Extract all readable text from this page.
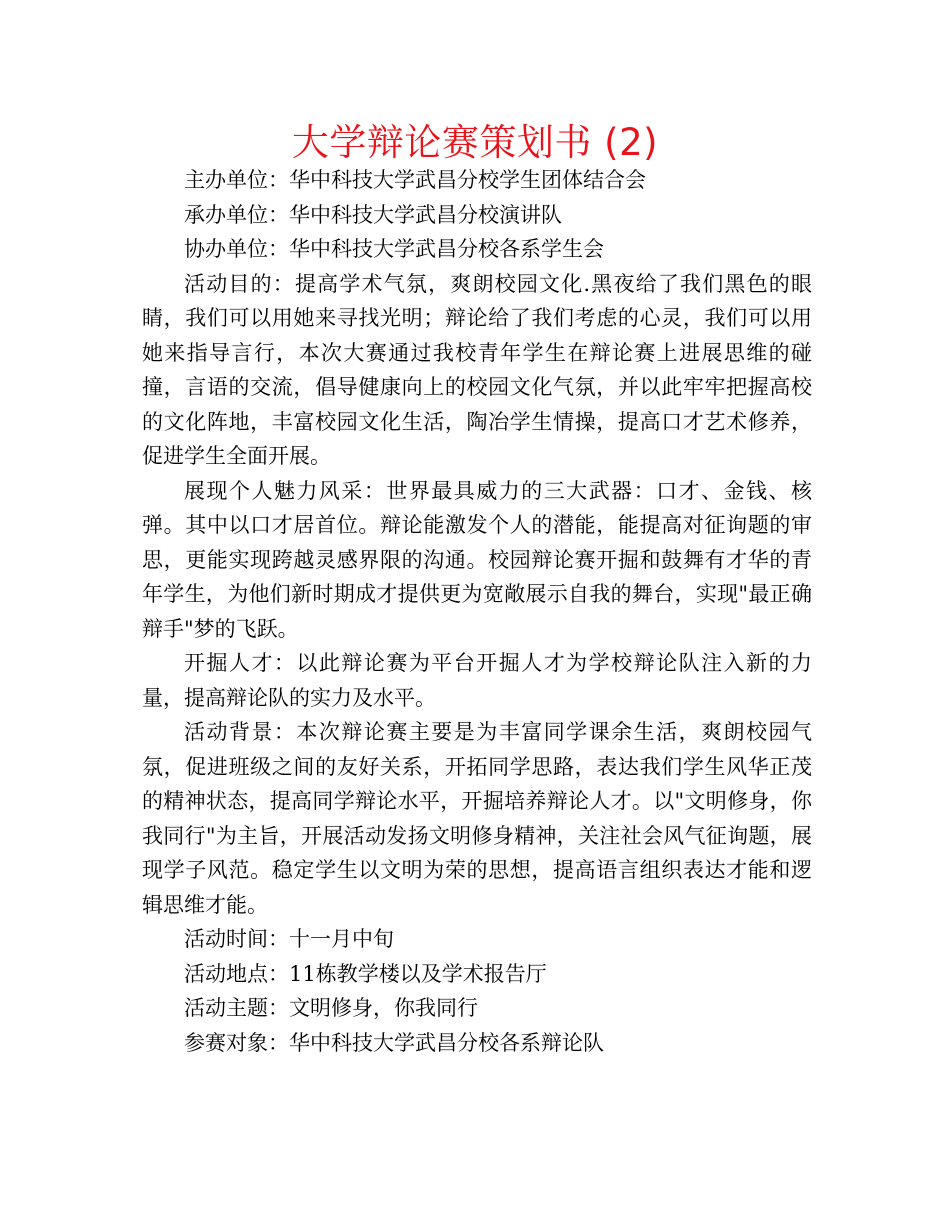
大学辩论赛策划书 (2)

主办单位：华中科技大学武昌分校学生团体结合会

承办单位：华中科技大学武昌分校演讲队

协办单位：华中科技大学武昌分校各系学生会

活动目的：提高学术气氛，爽朗校园文化.黑夜给了我们黑色的眼睛，我们可以用她来寻找光明；辩论给了我们考虑的心灵，我们可以用她来指导言行，本次大赛通过我校青年学生在辩论赛上进展思维的碰撞，言语的交流，倡导健康向上的校园文化气氛，并以此牢牢把握高校的文化阵地，丰富校园文化生活，陶冶学生情操，提高口才艺术修养，促进学生全面开展。

展现个人魅力风采：世界最具威力的三大武器：口才、金钱、核弹。其中以口才居首位。辩论能激发个人的潜能，能提高对征询题的审思，更能实现跨越灵感界限的沟通。校园辩论赛开掘和鼓舞有才华的青年学生，为他们新时期成才提供更为宽敞展示自我的舞台，实现"最正确辩手"梦的飞跃。

开掘人才：以此辩论赛为平台开掘人才为学校辩论队注入新的力量，提高辩论队的实力及水平。

活动背景：本次辩论赛主要是为丰富同学课余生活，爽朗校园气氛，促进班级之间的友好关系，开拓同学思路，表达我们学生风华正茂的精神状态，提高同学辩论水平，开掘培养辩论人才。以"文明修身，你我同行"为主旨，开展活动发扬文明修身精神，关注社会风气征询题，展现学子风范。稳定学生以文明为荣的思想，提高语言组织表达才能和逻辑思维才能。

活动时间：十一月中旬

活动地点：11栋教学楼以及学术报告厅

活动主题：文明修身，你我同行

参赛对象：华中科技大学武昌分校各系辩论队
